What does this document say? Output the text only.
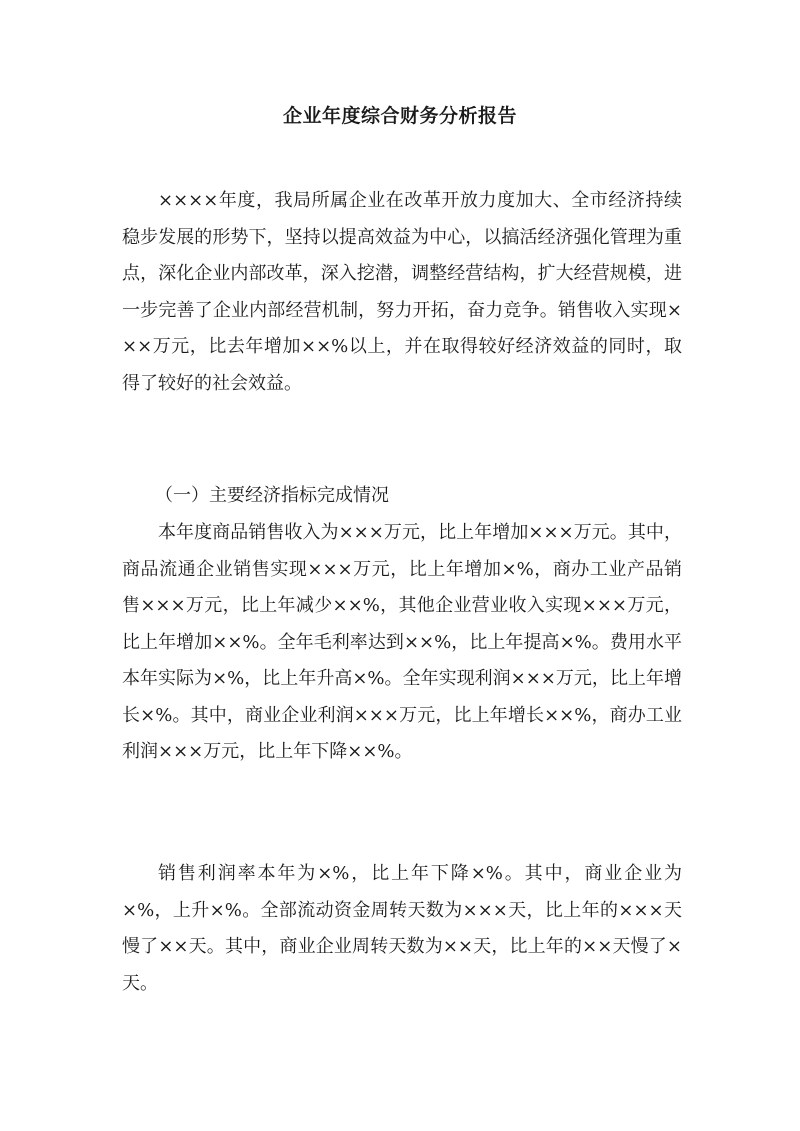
企业年度综合财务分析报告

××××年度，我局所属企业在改革开放力度加大、全市经济持续稳步发展的形势下，坚持以提高效益为中心，以搞活经济强化管理为重点，深化企业内部改革，深入挖潜，调整经营结构，扩大经营规模，进一步完善了企业内部经营机制，努力开拓，奋力竞争。销售收入实现×××万元，比去年增加××%以上，并在取得较好经济效益的同时，取得了较好的社会效益。

（一）主要经济指标完成情况

本年度商品销售收入为×××万元，比上年增加×××万元。其中，商品流通企业销售实现×××万元，比上年增加×%，商办工业产品销售×××万元，比上年减少××%，其他企业营业收入实现×××万元，比上年增加××%。全年毛利率达到××%，比上年提高×%。费用水平本年实际为×%，比上年升高×%。全年实现利润×××万元，比上年增长×%。其中，商业企业利润×××万元，比上年增长××%，商办工业利润×××万元，比上年下降××%。

销售利润率本年为×%，比上年下降×%。其中，商业企业为×%，上升×%。全部流动资金周转天数为×××天，比上年的×××天慢了××天。其中，商业企业周转天数为××天，比上年的××天慢了×天。
